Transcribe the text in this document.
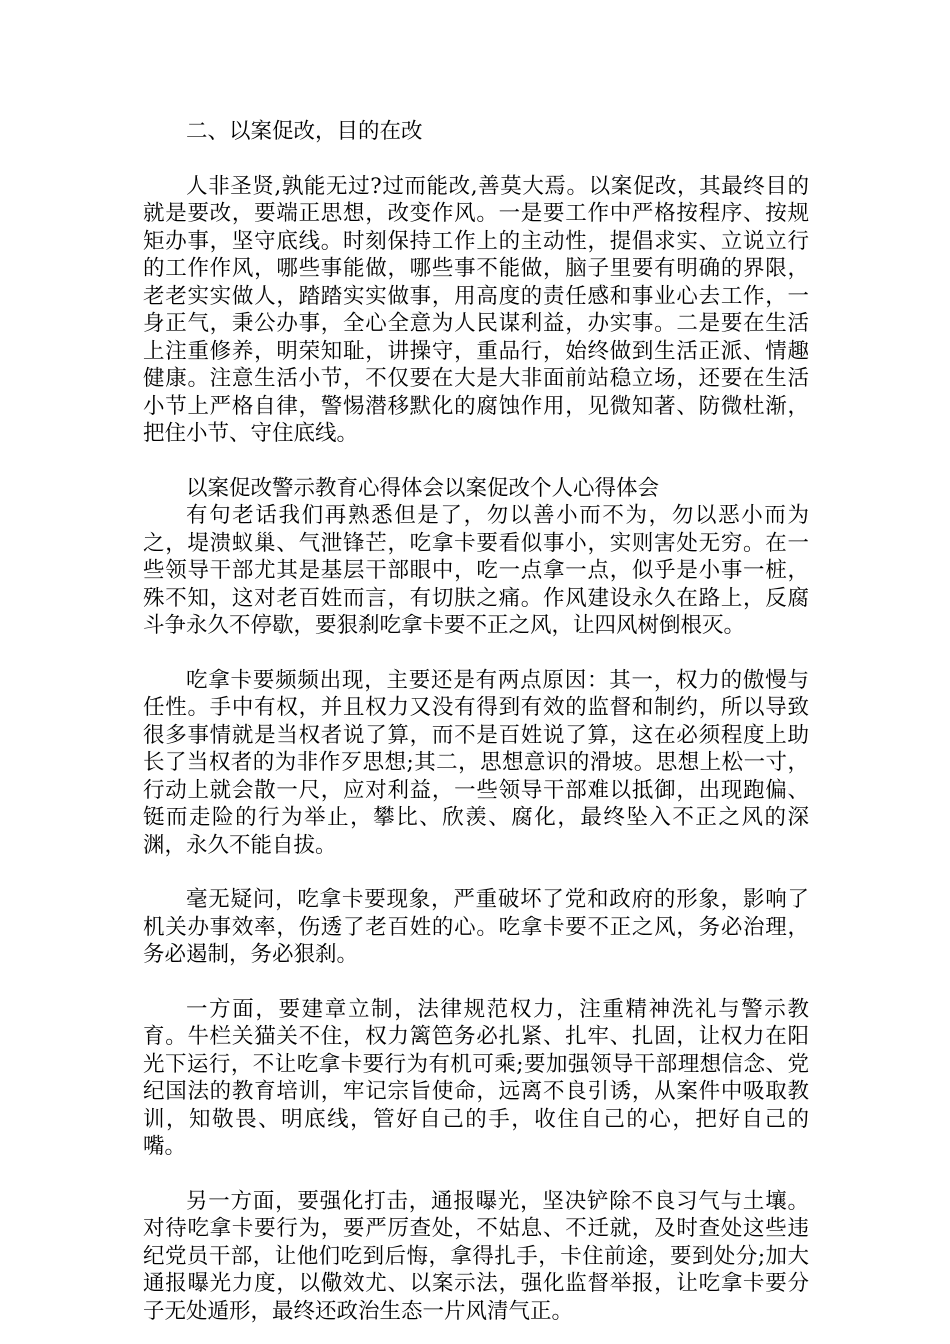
二、以案促改，目的在改

人非圣贤,孰能无过?过而能改,善莫大焉。以案促改，其最终目的就是要改，要端正思想，改变作风。一是要工作中严格按程序、按规矩办事，坚守底线。时刻保持工作上的主动性，提倡求实、立说立行的工作作风，哪些事能做，哪些事不能做，脑子里要有明确的界限，老老实实做人，踏踏实实做事，用高度的责任感和事业心去工作，一身正气，秉公办事，全心全意为人民谋利益，办实事。二是要在生活上注重修养，明荣知耻，讲操守，重品行，始终做到生活正派、情趣健康。注意生活小节，不仅要在大是大非面前站稳立场，还要在生活小节上严格自律，警惕潜移默化的腐蚀作用，见微知著、防微杜渐，把住小节、守住底线。

以案促改警示教育心得体会以案促改个人心得体会

有句老话我们再熟悉但是了，勿以善小而不为，勿以恶小而为之，堤溃蚁巢、气泄锋芒，吃拿卡要看似事小，实则害处无穷。在一些领导干部尤其是基层干部眼中，吃一点拿一点，似乎是小事一桩，殊不知，这对老百姓而言，有切肤之痛。作风建设永久在路上，反腐斗争永久不停歇，要狠刹吃拿卡要不正之风，让四风树倒根灭。

吃拿卡要频频出现，主要还是有两点原因：其一，权力的傲慢与任性。手中有权，并且权力又没有得到有效的监督和制约，所以导致很多事情就是当权者说了算，而不是百姓说了算，这在必须程度上助长了当权者的为非作歹思想;其二，思想意识的滑坡。思想上松一寸，行动上就会散一尺，应对利益，一些领导干部难以抵御，出现跑偏、铤而走险的行为举止，攀比、欣羡、腐化，最终坠入不正之风的深渊，永久不能自拔。

毫无疑问，吃拿卡要现象，严重破坏了党和政府的形象，影响了机关办事效率，伤透了老百姓的心。吃拿卡要不正之风，务必治理，务必遏制，务必狠刹。

一方面，要建章立制，法律规范权力，注重精神洗礼与警示教育。牛栏关猫关不住，权力篱笆务必扎紧、扎牢、扎固，让权力在阳光下运行，不让吃拿卡要行为有机可乘;要加强领导干部理想信念、党纪国法的教育培训，牢记宗旨使命，远离不良引诱，从案件中吸取教训，知敬畏、明底线，管好自己的手，收住自己的心，把好自己的嘴。

另一方面，要强化打击，通报曝光，坚决铲除不良习气与土壤。对待吃拿卡要行为，要严厉查处，不姑息、不迁就，及时查处这些违纪党员干部，让他们吃到后悔，拿得扎手，卡住前途，要到处分;加大通报曝光力度，以儆效尤、以案示法，强化监督举报，让吃拿卡要分子无处遁形，最终还政治生态一片风清气正。
